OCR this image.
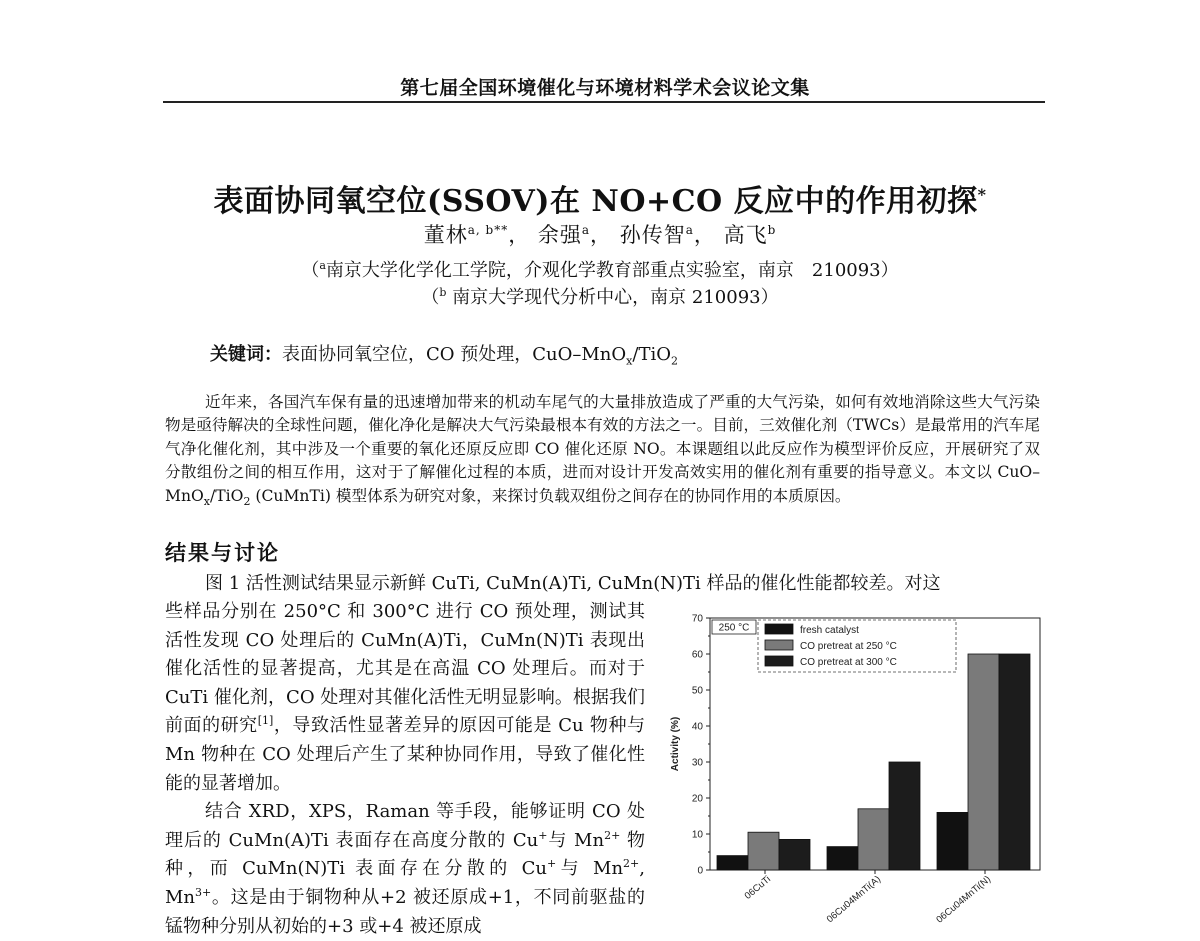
第七届全国环境催化与环境材料学术会议论文集
表面协同氧空位(SSOV)在 NO+CO 反应中的作用初探*
董林$^{a, b**}$， 余强$^a$， 孙传智$^a$， 高飞$^b$
（$^a$南京大学化学化工学院，介观化学教育部重点实验室，南京　210093）
（$^b$ 南京大学现代分析中心，南京 210093）
关键词：表面协同氧空位，CO 预处理，CuO–MnO$_x$/TiO$_2$
近年来，各国汽车保有量的迅速增加带来的机动车尾气的大量排放造成了严重的大气污染，如何有效地消除这些大气污染物是亟待解决的全球性问题，催化净化是解决大气污染最根本有效的方法之一。目前，三效催化剂（TWCs）是最常用的汽车尾气净化催化剂，其中涉及一个重要的氧化还原反应即 CO 催化还原 NO。本课题组以此反应作为模型评价反应，开展研究了双分散组份之间的相互作用，这对于了解催化过程的本质，进而对设计开发高效实用的催化剂有重要的指导意义。本文以 CuO–MnO$_x$/TiO$_2$ (CuMnTi) 模型体系为研究对象，来探讨负载双组份之间存在的协同作用的本质原因。
结果与讨论
图 1 活性测试结果显示新鲜 CuTi, CuMn(A)Ti, CuMn(N)Ti 样品的催化性能都较差。对这

些样品分别在 250°C 和 300°C 进行 CO 预处理，测试其活性发现 CO 处理后的 CuMn(A)Ti，CuMn(N)Ti 表现出催化活性的显著提高，尤其是在高温 CO 处理后。而对于 CuTi 催化剂，CO 处理对其催化活性无明显影响。根据我们前面的研究[1]，导致活性显著差异的原因可能是 Cu 物种与 Mn 物种在 CO 处理后产生了某种协同作用，导致了催化性能的显著增加。

结合 XRD，XPS，Raman 等手段，能够证明 CO 处理后的 CuMn(A)Ti 表面存在高度分散的 Cu+与 $Mn^{2+}$ 物种，而 CuMn(N)Ti 表面存在分散的 Cu+与 $Mn^{2+}$, $Mn^{3+}$。这是由于铜物种从+2 被还原成+1，不同前驱盐的锰物种分别从初始的+3 或+4 被还原成

0
10
20
30
40
50
60
70
Activity (%)
06CuTi	06Cu04MnTi(A)	06Cu04MnTi(N)
250 °C	fresh catalyst
CO pretreat at 250 °C
CO pretreat at 300 °C
